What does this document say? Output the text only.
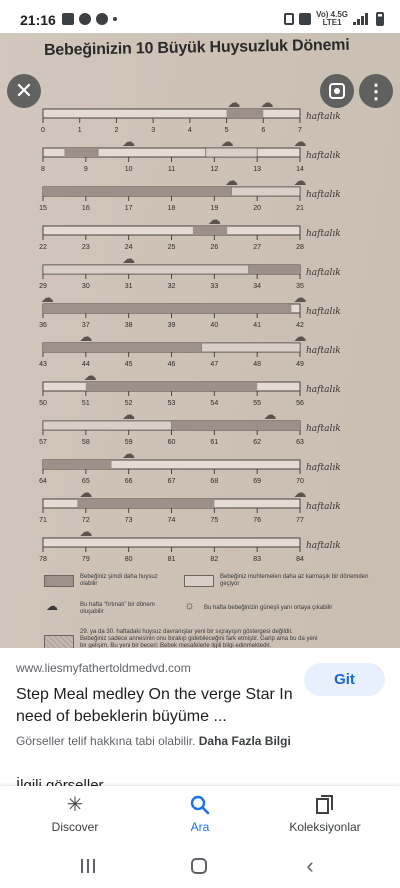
21:16	Vo) 4.5G
LTE1
Bebeğinizin 10 Büyük Huysuzluk Dönemi
0	1	2	3	4	5	6	7
☁ ☁
haftalık
8	9	10	11	12	13	14
☁	☁	☁
haftalık
15	16	17	18	19	20	21
☁	☁
haftalık
22	23	24	25	26	27	28
☁
haftalık
29	30	31	32	33	34	35
☁
haftalık
36	37	38	39	40	41	42
☁	☁
haftalık
43	44	45	46	47	48	49
☁	☁
haftalık
50	51	52	53	54	55	56
☁
haftalık
57	58	59	60	61	62	63
☁	☁
haftalık
64	65	66	67	68	69	70
☁
haftalık
71	72	73	74	75	76	77
☁	☁
haftalık
78	79	80	81	82	83	84
☁
haftalık
Bebeğiniz şimdi daha huysuz olabilir
Bebeğiniz muhtemelen daha az karmaşık bir dönemden geçiyor
☁	Bu hafta “fırtınalı” bir dönem oluşabilir	☼ Bu hafta bebeğinizin güneşli yanı ortaya çıkabilir
29. ya da 30. haftadaki huysuz davranışlar yeni bir sıçrayışın göstergesi değildir. Bebeğiniz sadece annesinin onu bırakıp gidebileceğini fark etmiştir. Garip ama bu da yeni bir gelişim. Bu yeni bir beceri: Bebek mesafelerle ilgili bilgi edinmektedir.
✕	⋮
www.liesmyfathertoldmedvd.com
Step Meal medley On the verge Star In need of bebeklerin büyüme ...
Git
Görseller telif hakkına tabi olabilir. Daha Fazla Bilgi
✳
Discover	Ara	Koleksiyonlar
‹
